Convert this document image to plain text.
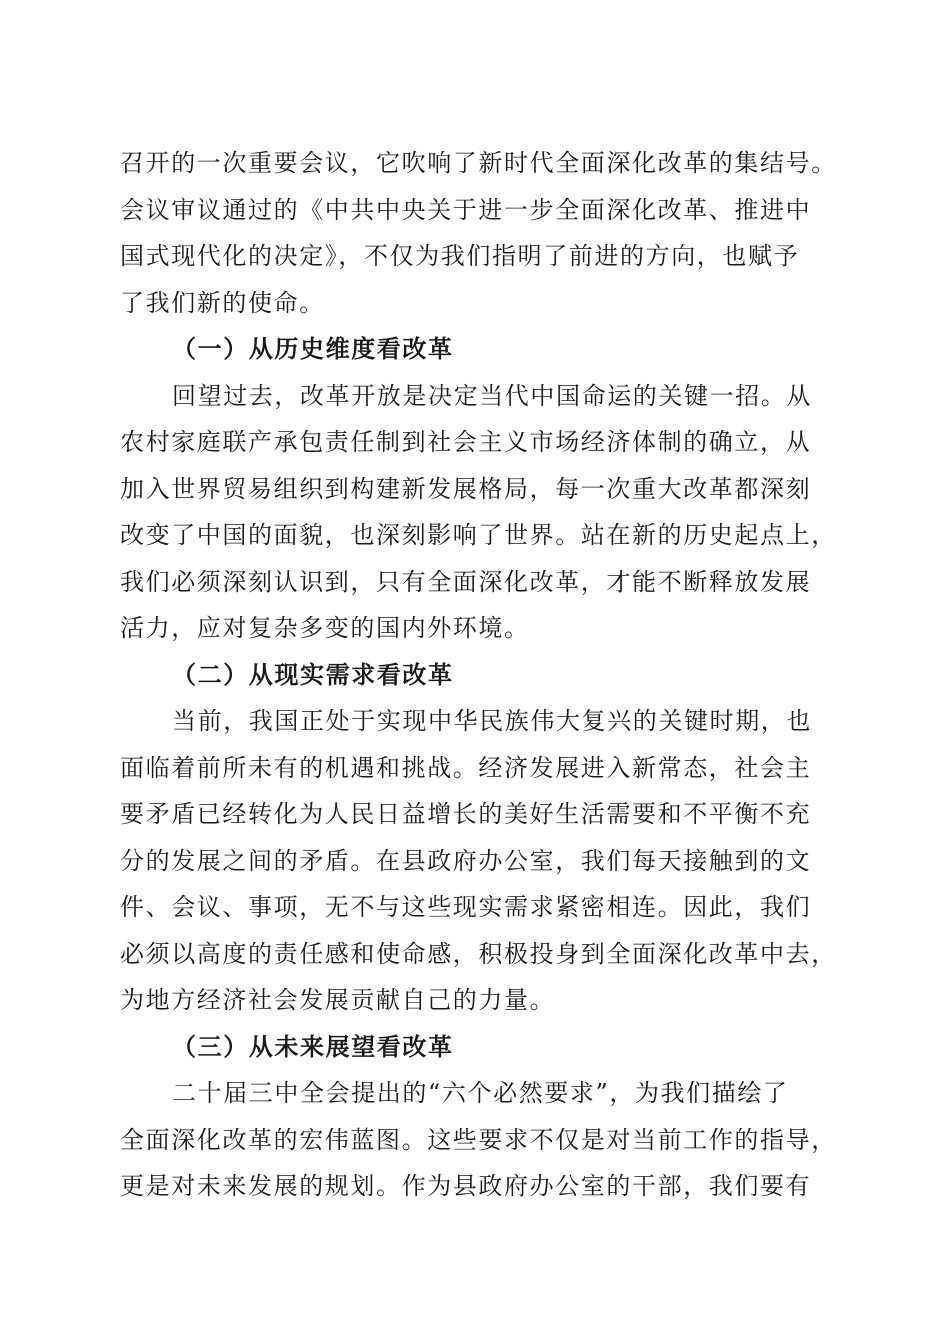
召开的一次重要会议，它吹响了新时代全面深化改革的集结号。
会议审议通过的《中共中央关于进一步全面深化改革、推进中
国式现代化的决定》，不仅为我们指明了前进的方向，也赋予
了我们新的使命。
（一）从历史维度看改革
回望过去，改革开放是决定当代中国命运的关键一招。从
农村家庭联产承包责任制到社会主义市场经济体制的确立，从
加入世界贸易组织到构建新发展格局，每一次重大改革都深刻
改变了中国的面貌，也深刻影响了世界。站在新的历史起点上，
我们必须深刻认识到，只有全面深化改革，才能不断释放发展
活力，应对复杂多变的国内外环境。
（二）从现实需求看改革
当前，我国正处于实现中华民族伟大复兴的关键时期，也
面临着前所未有的机遇和挑战。经济发展进入新常态，社会主
要矛盾已经转化为人民日益增长的美好生活需要和不平衡不充
分的发展之间的矛盾。在县政府办公室，我们每天接触到的文
件、会议、事项，无不与这些现实需求紧密相连。因此，我们
必须以高度的责任感和使命感，积极投身到全面深化改革中去，
为地方经济社会发展贡献自己的力量。
（三）从未来展望看改革
二十届三中全会提出的“六个必然要求”，为我们描绘了
全面深化改革的宏伟蓝图。这些要求不仅是对当前工作的指导，
更是对未来发展的规划。作为县政府办公室的干部，我们要有
